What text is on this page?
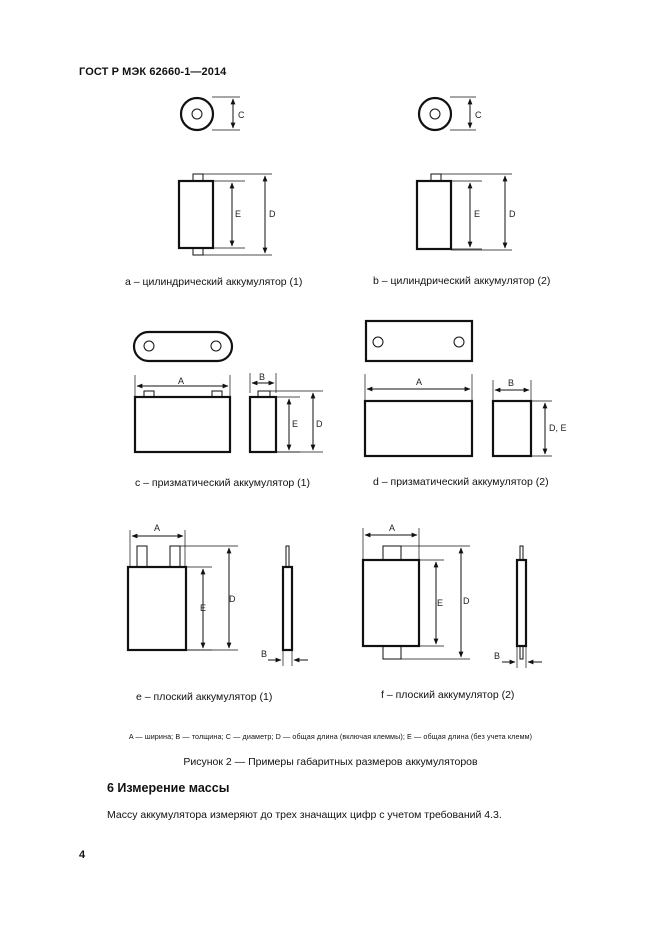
ГОСТ Р МЭК 62660-1—2014
C
E	D
C
E	D
A	B
E D
A	B
D, E
A
E
D
B
A
E D
B
a – цилиндрический аккумулятор (1)	b – цилиндрический аккумулятор (2)
c – призматический аккумулятор (1)	d – призматический аккумулятор (2)
e – плоский аккумулятор (1)	f – плоский аккумулятор (2)
A — ширина; B — толщина; C — диаметр; D — общая длина (включая клеммы); E — общая длина (без учета клемм)
Рисунок 2 — Примеры габаритных размеров аккумуляторов
6 Измерение массы
Массу аккумулятора измеряют до трех значащих цифр с учетом требований 4.3.
4
